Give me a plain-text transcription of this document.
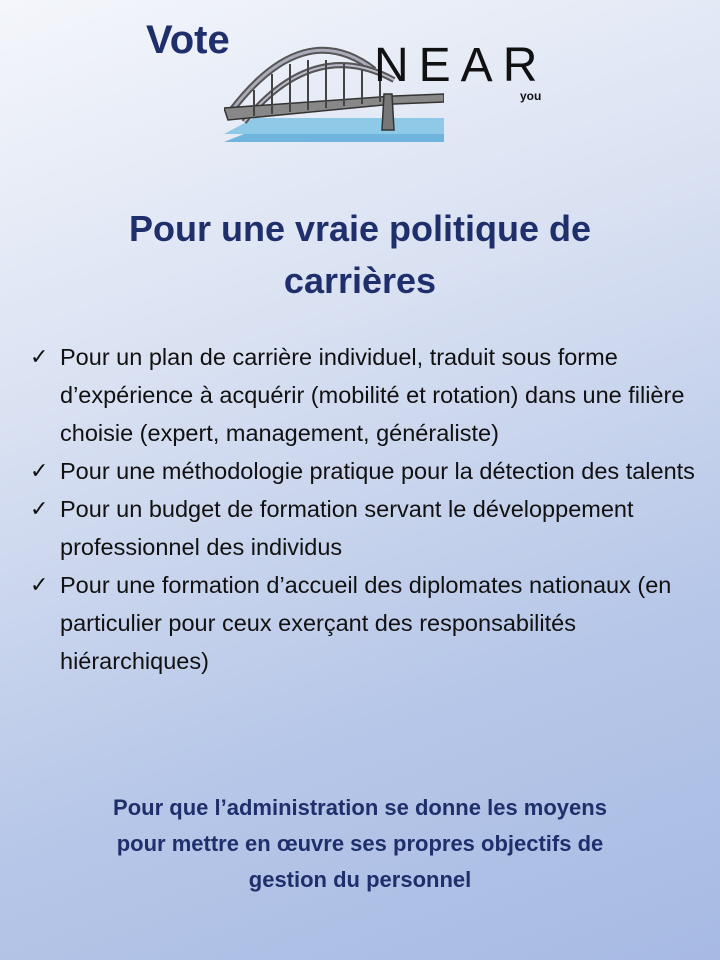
Vote	NEAR
you
Pour une vraie politique de
carrières
✓ Pour un plan de carrière individuel, traduit sous forme d’expérience à acquérir (mobilité et rotation) dans une filière choisie (expert, management, généraliste)
✓ Pour une méthodologie pratique pour la détection des talents
✓ Pour un budget de formation servant le développement professionnel des individus
✓ Pour une formation d’accueil des diplomates nationaux (en particulier pour ceux exerçant des responsabilités hiérarchiques)
Pour que l’administration se donne les moyens
pour mettre en œuvre ses propres objectifs de
gestion du personnel
